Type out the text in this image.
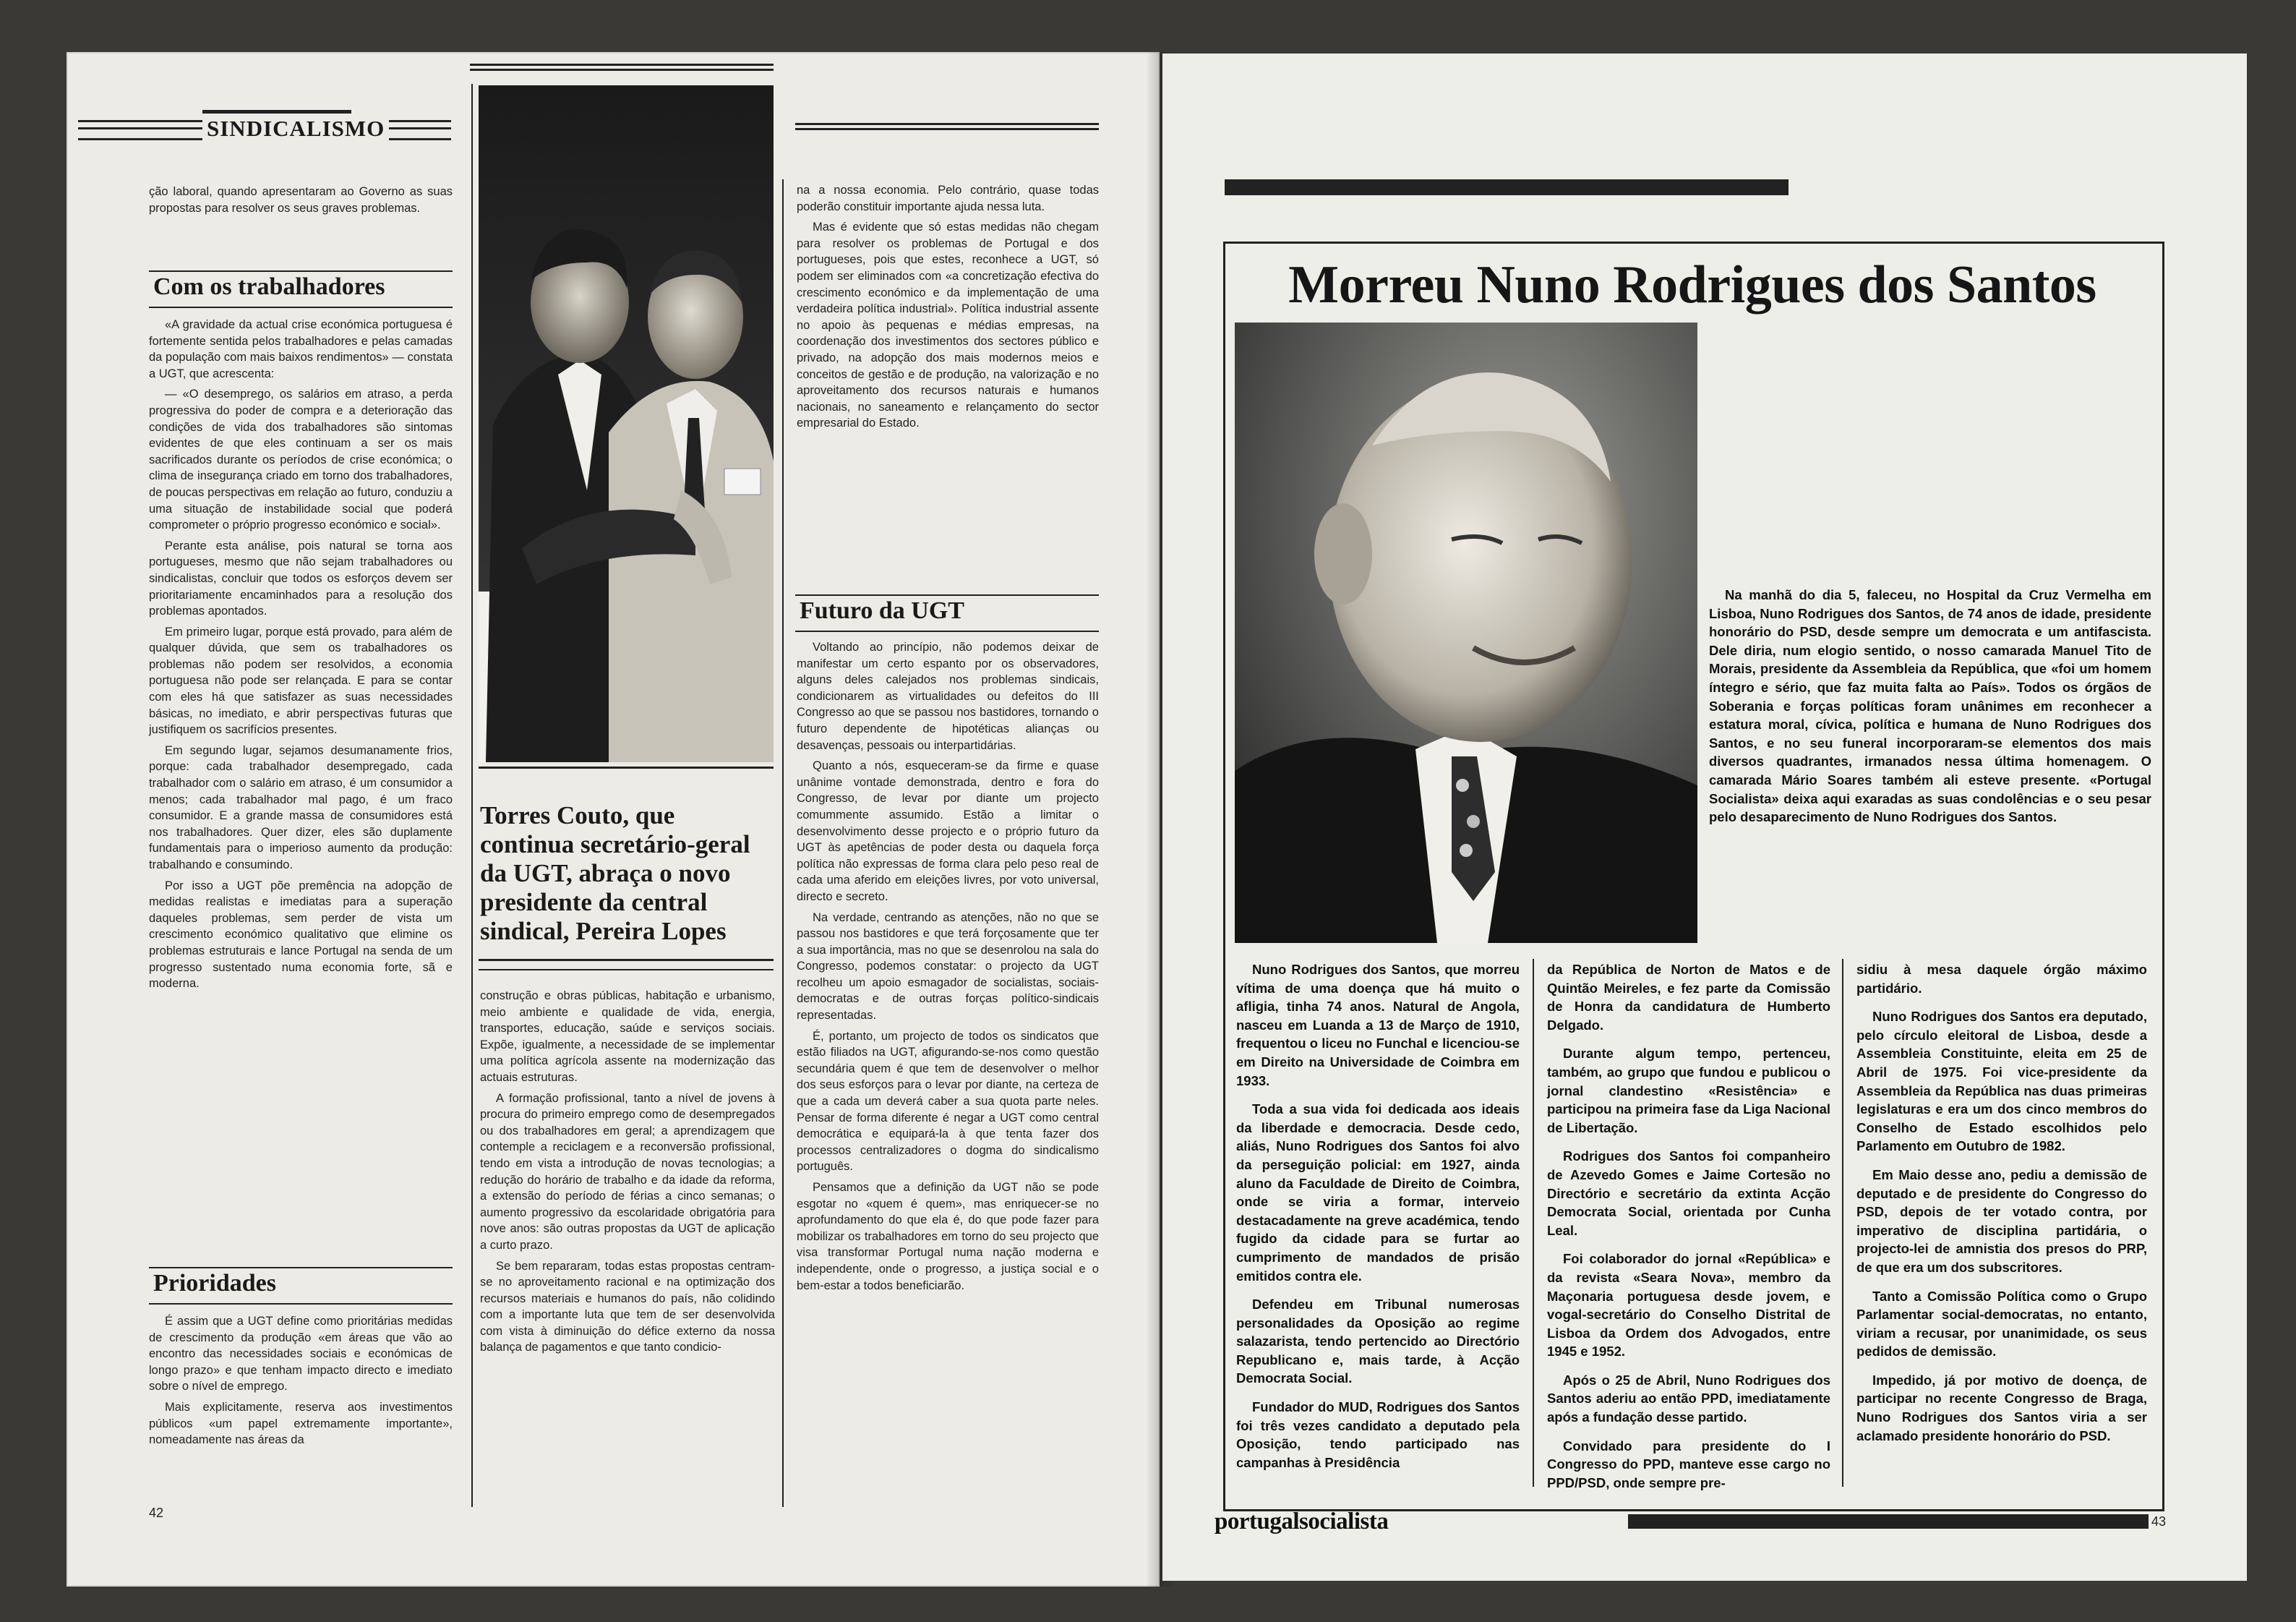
SINDICALISMO

ção laboral, quando apresentaram ao Governo as suas propostas para resolver os seus graves problemas.

Com os trabalhadores

«A gravidade da actual crise económica portuguesa é fortemente sentida pelos trabalhadores e pelas camadas da população com mais baixos rendimentos» — constata a UGT, que acrescenta:

— «O desemprego, os salários em atraso, a perda progressiva do poder de compra e a deterioração das condições de vida dos trabalhadores são sintomas evidentes de que eles continuam a ser os mais sacrificados durante os períodos de crise económica; o clima de insegurança criado em torno dos trabalhadores, de poucas perspectivas em relação ao futuro, conduziu a uma situação de instabilidade social que poderá comprometer o próprio progresso económico e social».

Perante esta análise, pois natural se torna aos portugueses, mesmo que não sejam trabalhadores ou sindicalistas, concluir que todos os esforços devem ser prioritariamente encaminhados para a resolução dos problemas apontados.

Em primeiro lugar, porque está provado, para além de qualquer dúvida, que sem os trabalhadores os problemas não podem ser resolvidos, a economia portuguesa não pode ser relançada. E para se contar com eles há que satisfazer as suas necessidades básicas, no imediato, e abrir perspectivas futuras que justifiquem os sacrifícios presentes.

Em segundo lugar, sejamos desumanamente frios, porque: cada trabalhador desempregado, cada trabalhador com o salário em atraso, é um consumidor a menos; cada trabalhador mal pago, é um fraco consumidor. E a grande massa de consumidores está nos trabalhadores. Quer dizer, eles são duplamente fundamentais para o imperioso aumento da produção: trabalhando e consumindo.

Por isso a UGT põe premência na adopção de medidas realistas e imediatas para a superação daqueles problemas, sem perder de vista um crescimento económico qualitativo que elimine os problemas estruturais e lance Portugal na senda de um progresso sustentado numa economia forte, sã e moderna.

Prioridades

É assim que a UGT define como prioritárias medidas de crescimento da produção «em áreas que vão ao encontro das necessidades sociais e económicas de longo prazo» e que tenham impacto directo e imediato sobre o nível de emprego.

Mais explicitamente, reserva aos investimentos públicos «um papel extremamente importante», nomeadamente nas áreas da

42
Torres Couto, que continua secretário-geral da UGT, abraça o novo presidente da central sindical, Pereira Lopes

construção e obras públicas, habitação e urbanismo, meio ambiente e qualidade de vida, energia, transportes, educação, saúde e serviços sociais. Expõe, igualmente, a necessidade de se implementar uma política agrícola assente na modernização das actuais estruturas.

A formação profissional, tanto a nível de jovens à procura do primeiro emprego como de desempregados ou dos trabalhadores em geral; a aprendizagem que contemple a reciclagem e a reconversão profissional, tendo em vista a introdução de novas tecnologias; a redução do horário de trabalho e da idade da reforma, a extensão do período de férias a cinco semanas; o aumento progressivo da escolaridade obrigatória para nove anos: são outras propostas da UGT de aplicação a curto prazo.

Se bem repararam, todas estas propostas centram-se no aproveitamento racional e na optimização dos recursos materiais e humanos do país, não colidindo com a importante luta que tem de ser desenvolvida com vista à diminuição do défice externo da nossa balança de pagamentos e que tanto condicio-

na a nossa economia. Pelo contrário, quase todas poderão constituir importante ajuda nessa luta.

Mas é evidente que só estas medidas não chegam para resolver os problemas de Portugal e dos portugueses, pois que estes, reconhece a UGT, só podem ser eliminados com «a concretização efectiva do crescimento económico e da implementação de uma verdadeira política industrial». Política industrial assente no apoio às pequenas e médias empresas, na coordenação dos investimentos dos sectores público e privado, na adopção dos mais modernos meios e conceitos de gestão e de produção, na valorização e no aproveitamento dos recursos naturais e humanos nacionais, no saneamento e relançamento do sector empresarial do Estado.

Futuro da UGT

Voltando ao princípio, não podemos deixar de manifestar um certo espanto por os observadores, alguns deles calejados nos problemas sindicais, condicionarem as virtualidades ou defeitos do III Congresso ao que se passou nos bastidores, tornando o futuro dependente de hipotéticas alianças ou desavenças, pessoais ou interpartidárias.

Quanto a nós, esqueceram-se da firme e quase unânime vontade demonstrada, dentro e fora do Congresso, de levar por diante um projecto comummente assumido. Estão a limitar o desenvolvimento desse projecto e o próprio futuro da UGT às apetências de poder desta ou daquela força política não expressas de forma clara pelo peso real de cada uma aferido em eleições livres, por voto universal, directo e secreto.

Na verdade, centrando as atenções, não no que se passou nos bastidores e que terá forçosamente que ter a sua importância, mas no que se desenrolou na sala do Congresso, podemos constatar: o projecto da UGT recolheu um apoio esmagador de socialistas, sociais-democratas e de outras forças político-sindicais representadas.

É, portanto, um projecto de todos os sindicatos que estão filiados na UGT, afigurando-se-nos como questão secundária quem é que tem de desenvolver o melhor dos seus esforços para o levar por diante, na certeza de que a cada um deverá caber a sua quota parte neles. Pensar de forma diferente é negar a UGT como central democrática e equipará-la à que tenta fazer dos processos centralizadores o dogma do sindicalismo português.

Pensamos que a definição da UGT não se pode esgotar no «quem é quem», mas enriquecer-se no aprofundamento do que ela é, do que pode fazer para mobilizar os trabalhadores em torno do seu projecto que visa transformar Portugal numa nação moderna e independente, onde o progresso, a justiça social e o bem-estar a todos beneficiarão.

Morreu Nuno Rodrigues dos Santos

Na manhã do dia 5, faleceu, no Hospital da Cruz Vermelha em Lisboa, Nuno Rodrigues dos Santos, de 74 anos de idade, presidente honorário do PSD, desde sempre um democrata e um antifascista. Dele diria, num elogio sentido, o nosso camarada Manuel Tito de Morais, presidente da Assembleia da República, que «foi um homem íntegro e sério, que faz muita falta ao País». Todos os órgãos de Soberania e forças políticas foram unânimes em reconhecer a estatura moral, cívica, política e humana de Nuno Rodrigues dos Santos, e no seu funeral incorporaram-se elementos dos mais diversos quadrantes, irmanados nessa última homenagem. O camarada Mário Soares também ali esteve presente. «Portugal Socialista» deixa aqui exaradas as suas condolências e o seu pesar pelo desaparecimento de Nuno Rodrigues dos Santos.

Nuno Rodrigues dos Santos, que morreu vítima de uma doença que há muito o afligia, tinha 74 anos. Natural de Angola, nasceu em Luanda a 13 de Março de 1910, frequentou o liceu no Funchal e licenciou-se em Direito na Universidade de Coimbra em 1933.

Toda a sua vida foi dedicada aos ideais da liberdade e democracia. Desde cedo, aliás, Nuno Rodrigues dos Santos foi alvo da perseguição policial: em 1927, ainda aluno da Faculdade de Direito de Coimbra, onde se viria a formar, interveio destacadamente na greve académica, tendo fugido da cidade para se furtar ao cumprimento de mandados de prisão emitidos contra ele.

Defendeu em Tribunal numerosas personalidades da Oposição ao regime salazarista, tendo pertencido ao Directório Republicano e, mais tarde, à Acção Democrata Social.

Fundador do MUD, Rodrigues dos Santos foi três vezes candidato a deputado pela Oposição, tendo participado nas campanhas à Presidência

da República de Norton de Matos e de Quintão Meireles, e fez parte da Comissão de Honra da candidatura de Humberto Delgado.

Durante algum tempo, pertenceu, também, ao grupo que fundou e publicou o jornal clandestino «Resistência» e participou na primeira fase da Liga Nacional de Libertação.

Rodrigues dos Santos foi companheiro de Azevedo Gomes e Jaime Cortesão no Directório e secretário da extinta Acção Democrata Social, orientada por Cunha Leal.

Foi colaborador do jornal «República» e da revista «Seara Nova», membro da Maçonaria portuguesa desde jovem, e vogal-secretário do Conselho Distrital de Lisboa da Ordem dos Advogados, entre 1945 e 1952.

Após o 25 de Abril, Nuno Rodrigues dos Santos aderiu ao então PPD, imediatamente após a fundação desse partido.

Convidado para presidente do I Congresso do PPD, manteve esse cargo no PPD/PSD, onde sempre pre-

sidiu à mesa daquele órgão máximo partidário.

Nuno Rodrigues dos Santos era deputado, pelo círculo eleitoral de Lisboa, desde a Assembleia Constituinte, eleita em 25 de Abril de 1975. Foi vice-presidente da Assembleia da República nas duas primeiras legislaturas e era um dos cinco membros do Conselho de Estado escolhidos pelo Parlamento em Outubro de 1982.

Em Maio desse ano, pediu a demissão de deputado e de presidente do Congresso do PSD, depois de ter votado contra, por imperativo de disciplina partidária, o projecto-lei de amnistia dos presos do PRP, de que era um dos subscritores.

Tanto a Comissão Política como o Grupo Parlamentar social-democratas, no entanto, viriam a recusar, por unanimidade, os seus pedidos de demissão.

Impedido, já por motivo de doença, de participar no recente Congresso de Braga, Nuno Rodrigues dos Santos viria a ser aclamado presidente honorário do PSD.

portugalsocialista	43
